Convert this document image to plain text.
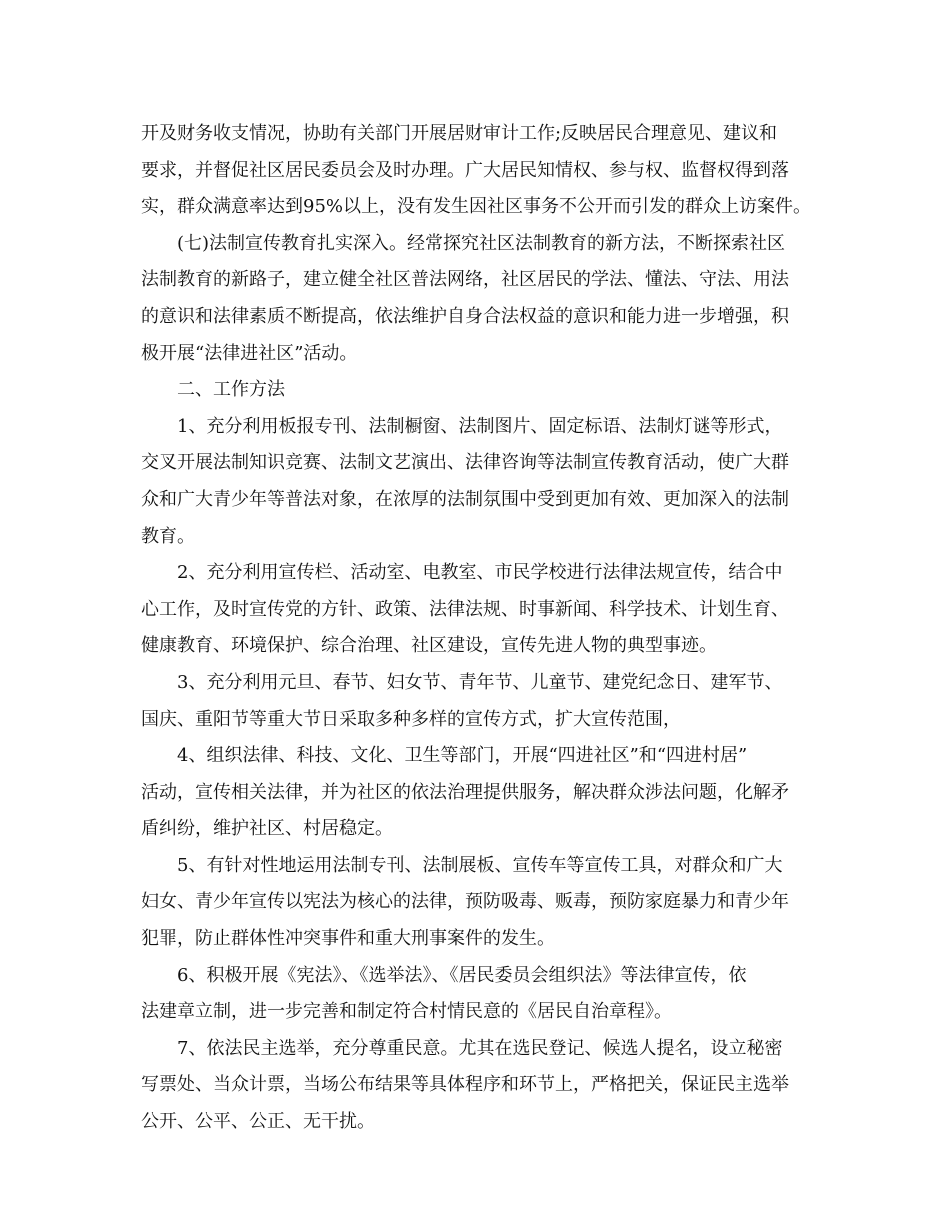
开及财务收支情况，协助有关部门开展居财审计工作;反映居民合理意见、建议和
要求，并督促社区居民委员会及时办理。广大居民知情权、参与权、监督权得到落
实，群众满意率达到95%以上，没有发生因社区事务不公开而引发的群众上访案件。

(七)法制宣传教育扎实深入。经常探究社区法制教育的新方法，不断探索社区
法制教育的新路子，建立健全社区普法网络，社区居民的学法、懂法、守法、用法
的意识和法律素质不断提高，依法维护自身合法权益的意识和能力进一步增强，积
极开展“法律进社区”活动。

二、工作方法

1、充分利用板报专刊、法制橱窗、法制图片、固定标语、法制灯谜等形式，
交叉开展法制知识竞赛、法制文艺演出、法律咨询等法制宣传教育活动，使广大群
众和广大青少年等普法对象，在浓厚的法制氛围中受到更加有效、更加深入的法制
教育。

2、充分利用宣传栏、活动室、电教室、市民学校进行法律法规宣传，结合中
心工作，及时宣传党的方针、政策、法律法规、时事新闻、科学技术、计划生育、
健康教育、环境保护、综合治理、社区建设，宣传先进人物的典型事迹。

3、充分利用元旦、春节、妇女节、青年节、儿童节、建党纪念日、建军节、
国庆、重阳节等重大节日采取多种多样的宣传方式，扩大宣传范围，

4、组织法律、科技、文化、卫生等部门，开展“四进社区”和“四进村居”
活动，宣传相关法律，并为社区的依法治理提供服务，解决群众涉法问题，化解矛
盾纠纷，维护社区、村居稳定。

5、有针对性地运用法制专刊、法制展板、宣传车等宣传工具，对群众和广大
妇女、青少年宣传以宪法为核心的法律，预防吸毒、贩毒，预防家庭暴力和青少年
犯罪，防止群体性冲突事件和重大刑事案件的发生。

6、积极开展《宪法》、《选举法》、《居民委员会组织法》等法律宣传，依
法建章立制，进一步完善和制定符合村情民意的《居民自治章程》。

7、依法民主选举，充分尊重民意。尤其在选民登记、候选人提名，设立秘密
写票处、当众计票，当场公布结果等具体程序和环节上，严格把关，保证民主选举
公开、公平、公正、无干扰。
